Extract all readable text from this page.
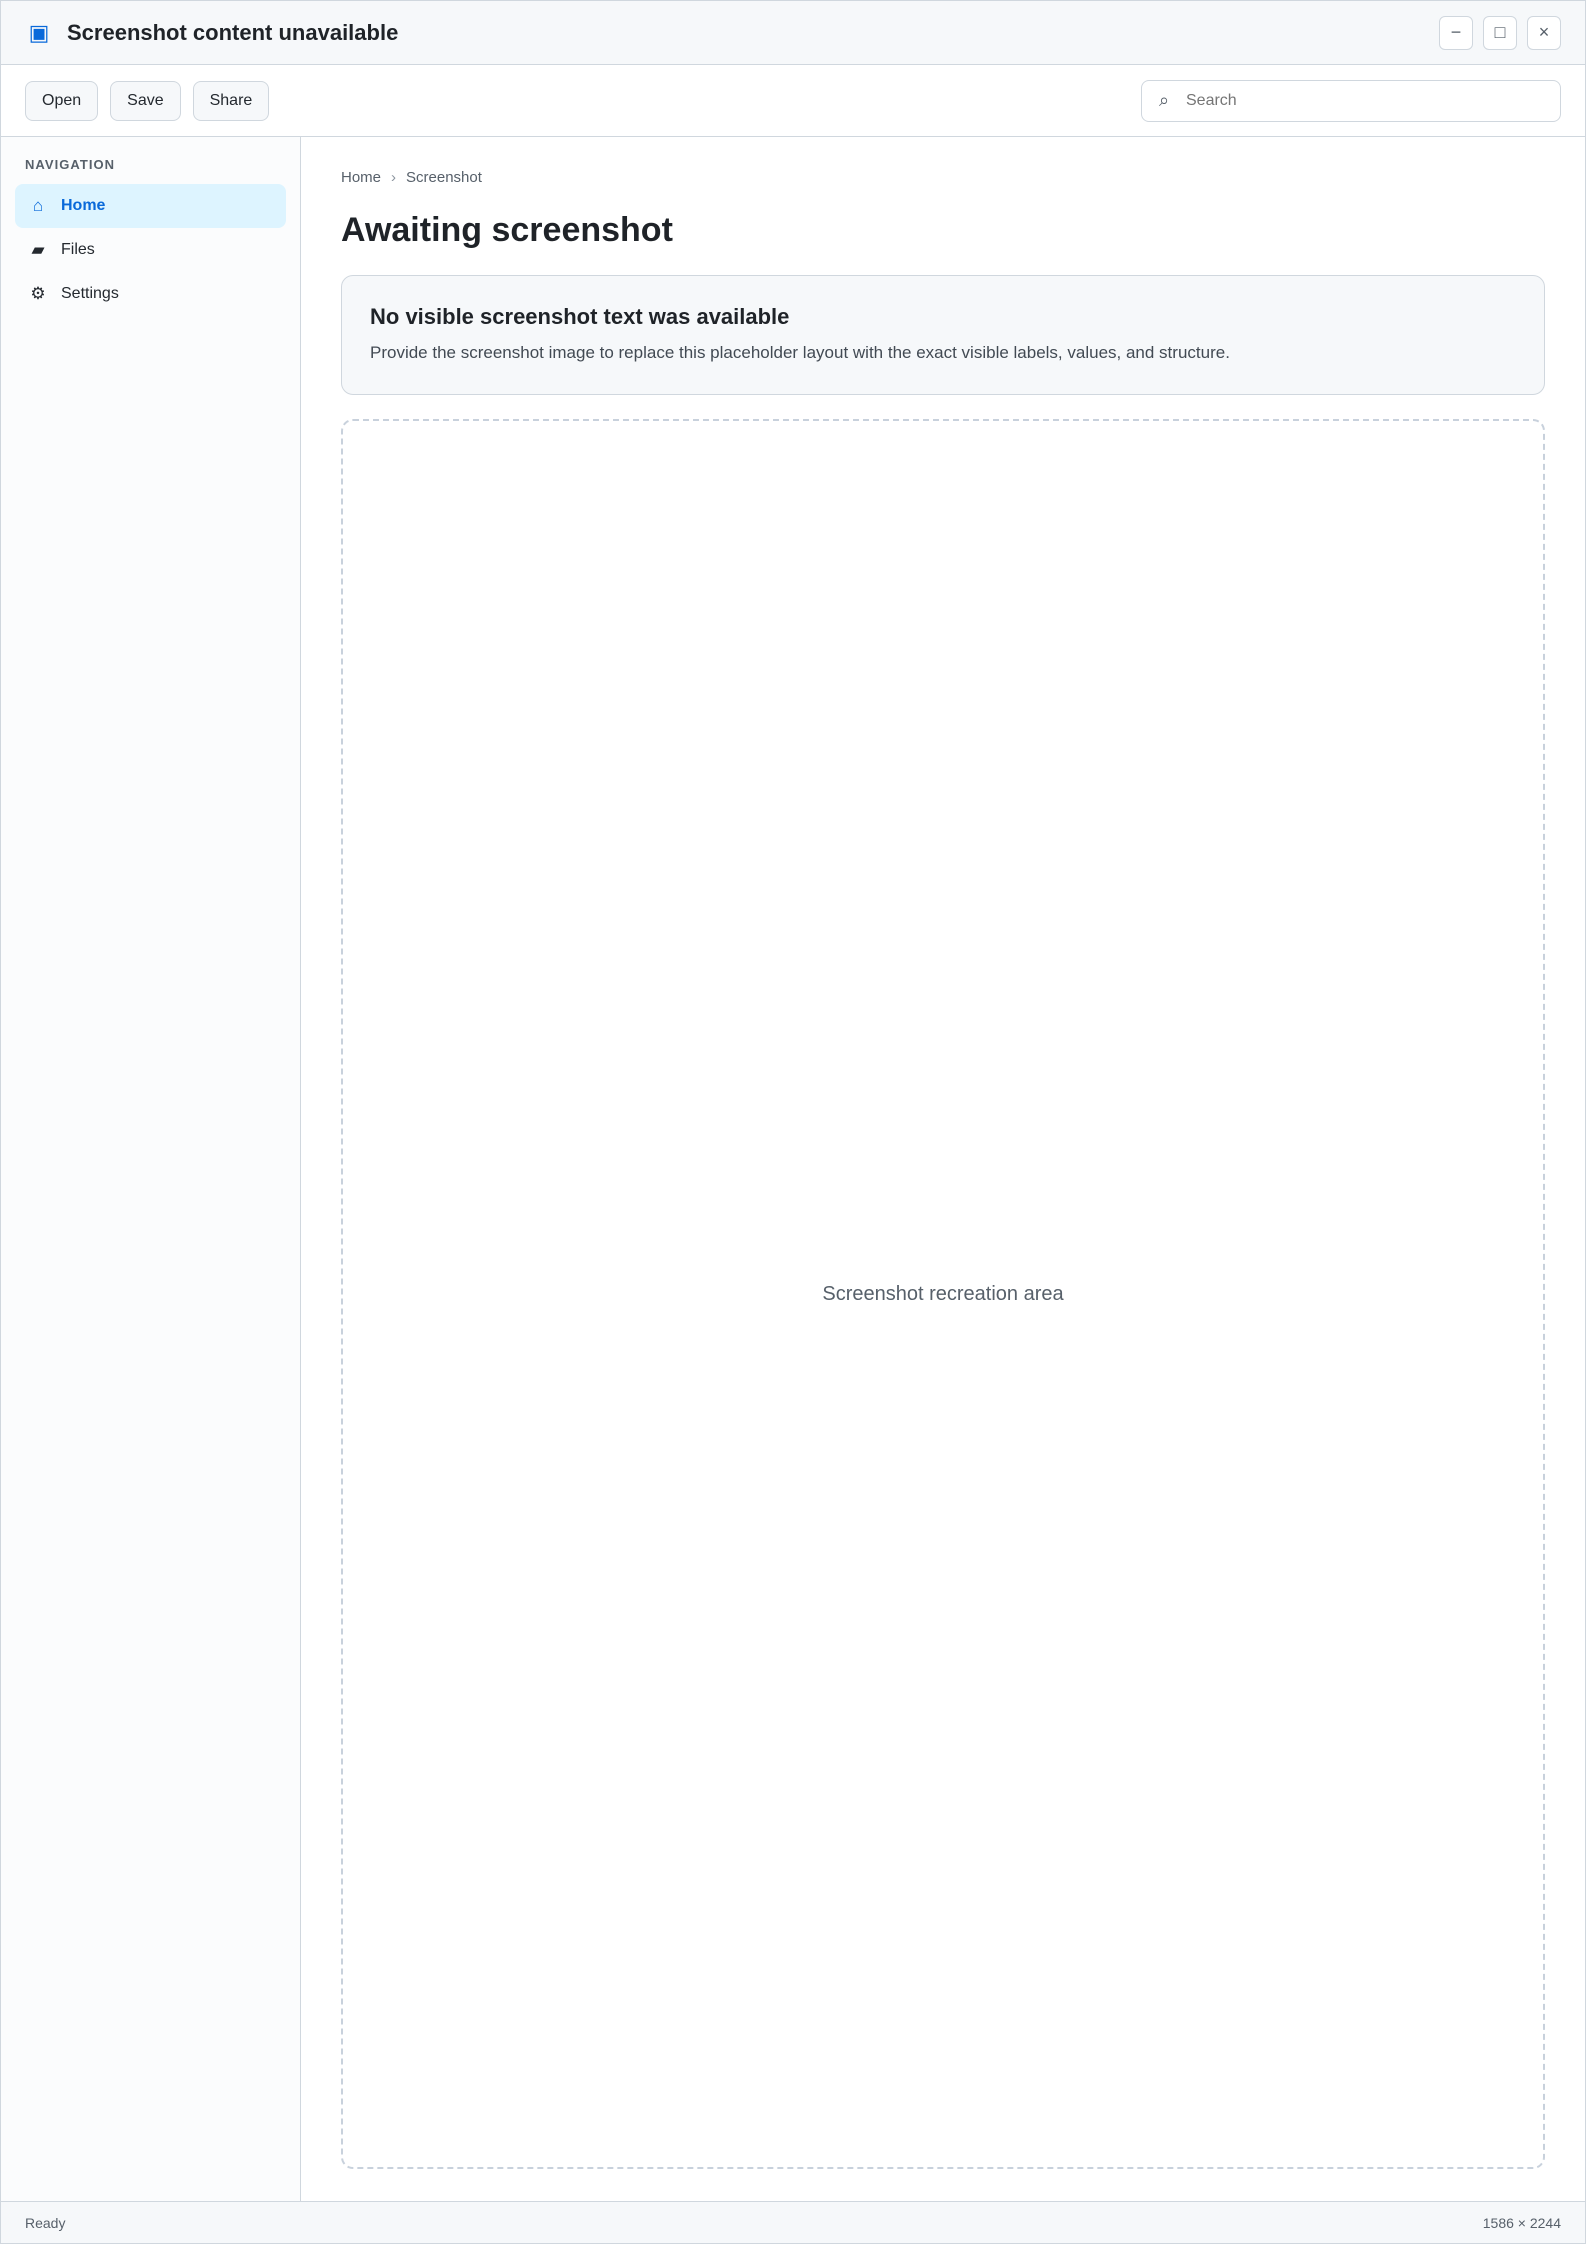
▣ Screenshot content unavailable	− □ ×
Open	Save	Share	⌕
Search
NAVIGATION
⌂	Home
▰ Files
⚙ Settings
Home › Screenshot
Awaiting screenshot
No visible screenshot text was available
Provide the screenshot image to replace this placeholder layout with the exact visible labels, values, and structure.
Screenshot recreation area
Ready	1586 × 2244
